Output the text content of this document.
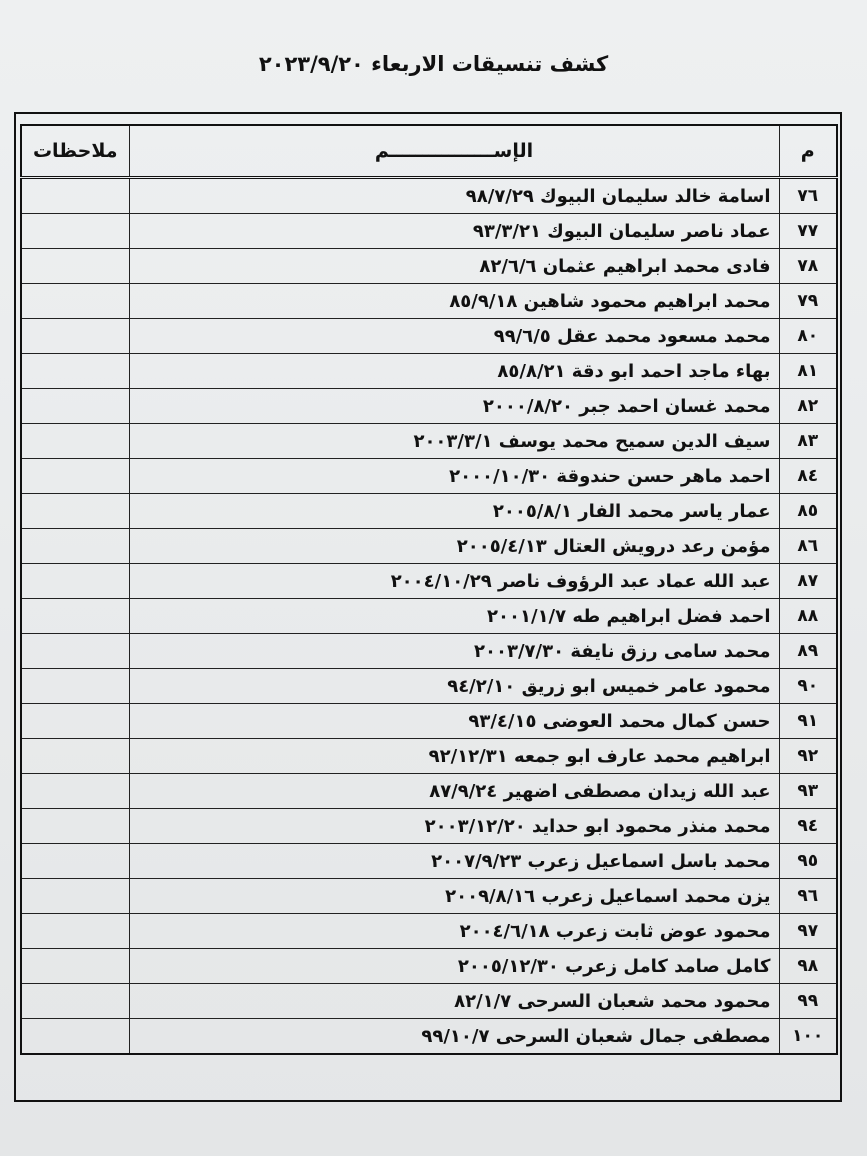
كشف تنسيقات الاربعاء ٢٠٢٣/٩/٢٠
م	الإســــــــــــــــم	ملاحظات
٧٦	اسامة خالد سليمان البيوك ٩٨/٧/٢٩	
٧٧	عماد ناصر سليمان البيوك ٩٣/٣/٢١	
٧٨	فادى محمد ابراهيم عثمان ٨٢/٦/٦	
٧٩	محمد ابراهيم محمود شاهين ٨٥/٩/١٨	
٨٠	محمد مسعود محمد عقل ٩٩/٦/٥	
٨١	بهاء ماجد احمد ابو دقة ٨٥/٨/٢١	
٨٢	محمد غسان احمد جبر ٢٠٠٠/٨/٢٠	
٨٣	سيف الدين سميح محمد يوسف ٢٠٠٣/٣/١	
٨٤	احمد ماهر حسن حندوقة ٢٠٠٠/١٠/٣٠	
٨٥	عمار ياسر محمد الفار ٢٠٠٥/٨/١	
٨٦	مؤمن رعد درويش العتال ٢٠٠٥/٤/١٣	
٨٧	عبد الله عماد عبد الرؤوف ناصر ٢٠٠٤/١٠/٢٩	
٨٨	احمد فضل ابراهيم طه ٢٠٠١/١/٧	
٨٩	محمد سامى رزق نايفة ٢٠٠٣/٧/٣٠	
٩٠	محمود عامر خميس ابو زريق ٩٤/٢/١٠	
٩١	حسن كمال محمد العوضى ٩٣/٤/١٥	
٩٢	ابراهيم محمد عارف ابو جمعه ٩٢/١٢/٣١	
٩٣	عبد الله زيدان مصطفى اضهير ٨٧/٩/٢٤	
٩٤	محمد منذر محمود ابو حدايد ٢٠٠٣/١٢/٢٠	
٩٥	محمد باسل اسماعيل زعرب ٢٠٠٧/٩/٢٣	
٩٦	يزن محمد اسماعيل زعرب ٢٠٠٩/٨/١٦	
٩٧	محمود عوض ثابت زعرب ٢٠٠٤/٦/١٨	
٩٨	كامل صامد كامل زعرب ٢٠٠٥/١٢/٣٠	
٩٩	محمود محمد شعبان السرحى ٨٢/١/٧	
١٠٠	مصطفى جمال شعبان السرحى ٩٩/١٠/٧	
